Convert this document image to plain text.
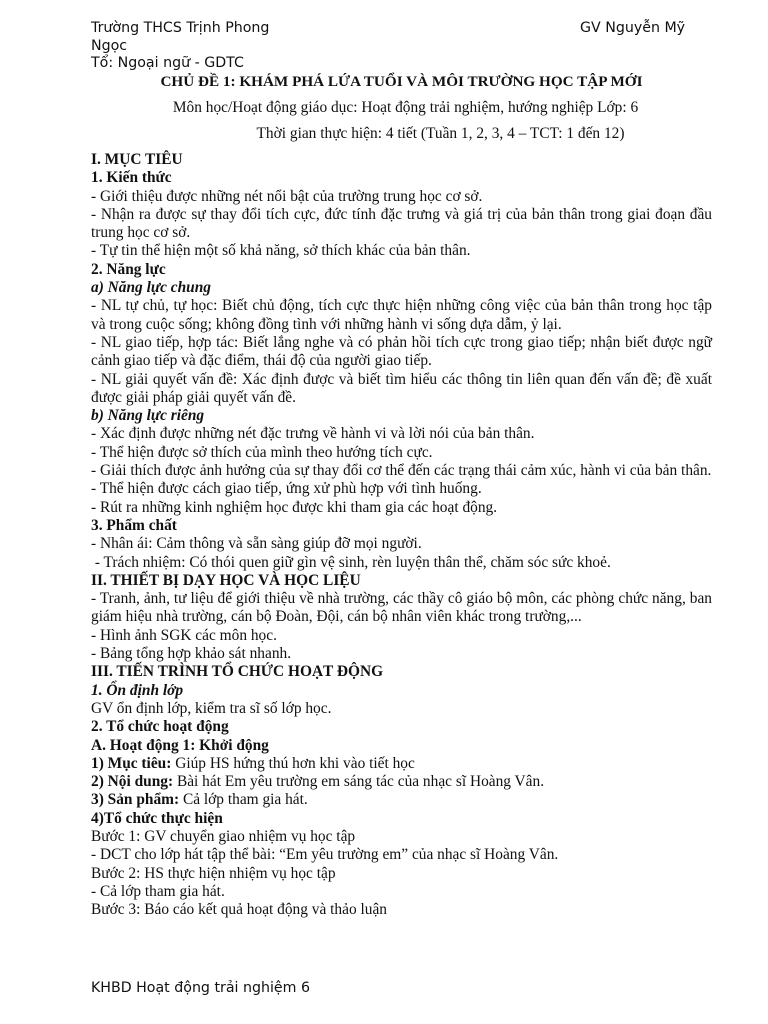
Trường THCS Trịnh Phong	GV Nguyễn Mỹ
Ngọc
Tổ: Ngoại ngữ - GDTC
CHỦ ĐỀ 1: KHÁM PHÁ LỨA TUỔI VÀ MÔI TRƯỜNG HỌC TẬP MỚI
Môn học/Hoạt động giáo dục: Hoạt động trải nghiệm, hướng nghiệp Lớp: 6
Thời gian thực hiện: 4 tiết (Tuần 1, 2, 3, 4 – TCT: 1 đến 12)

I. MỤC TIÊU

1. Kiến thức

- Giới thiệu được những nét nổi bật của trường trung học cơ sở.

- Nhận ra được sự thay đổi tích cực, đức tính đặc trưng và giá trị của bản thân trong giai đoạn đầu trung học cơ sở.

- Tự tin thể hiện một số khả năng, sở thích khác của bản thân.

2. Năng lực

a) Năng lực chung

- NL tự chủ, tự học: Biết chủ động, tích cực thực hiện những công việc của bản thân trong học tập và trong cuộc sống; không đồng tình với những hành vi sống dựa dẫm, ỷ lại.

- NL giao tiếp, hợp tác: Biết lắng nghe và có phản hồi tích cực trong giao tiếp; nhận biết được ngữ cảnh giao tiếp và đặc điểm, thái độ của người giao tiếp.

- NL giải quyết vấn đề: Xác định được và biết tìm hiểu các thông tin liên quan đến vấn đề; đề xuất được giải pháp giải quyết vấn đề.

b) Năng lực riêng

- Xác định được những nét đặc trưng về hành vi và lời nói của bản thân.

- Thể hiện được sở thích của mình theo hướng tích cực.

- Giải thích được ảnh hưởng của sự thay đổi cơ thể đến các trạng thái cảm xúc, hành vi của bản thân.

- Thể hiện được cách giao tiếp, ứng xử phù hợp với tình huống.

- Rút ra những kinh nghiệm học được khi tham gia các hoạt động.

3. Phẩm chất

- Nhân ái: Cảm thông và sẵn sàng giúp đỡ mọi người.

- Trách nhiệm: Có thói quen giữ gìn vệ sinh, rèn luyện thân thể, chăm sóc sức khoẻ.

II. THIẾT BỊ DẠY HỌC VÀ HỌC LIỆU

- Tranh, ảnh, tư liệu để giới thiệu về nhà trường, các thầy cô giáo bộ môn, các phòng chức năng, ban giám hiệu nhà trường, cán bộ Đoàn, Đội, cán bộ nhân viên khác trong trường,...

- Hình ảnh SGK các môn học.

- Bảng tổng hợp khảo sát nhanh.

III. TIẾN TRÌNH TỔ CHỨC HOẠT ĐỘNG

1. Ổn định lớp

GV ổn định lớp, kiểm tra sĩ số lớp học.

2. Tổ chức hoạt động

A. Hoạt động 1: Khởi động

1) Mục tiêu: Giúp HS hứng thú hơn khi vào tiết học

2) Nội dung: Bài hát Em yêu trường em sáng tác của nhạc sĩ Hoàng Vân.

3) Sản phẩm: Cả lớp tham gia hát.

4)Tổ chức thực hiện

Bước 1: GV chuyển giao nhiệm vụ học tập

- DCT cho lớp hát tập thể bài: “Em yêu trường em” của nhạc sĩ Hoàng Vân.

Bước 2: HS thực hiện nhiệm vụ học tập

- Cả lớp tham gia hát.

Bước 3: Báo cáo kết quả hoạt động và thảo luận

KHBD Hoạt động trải nghiệm 6
